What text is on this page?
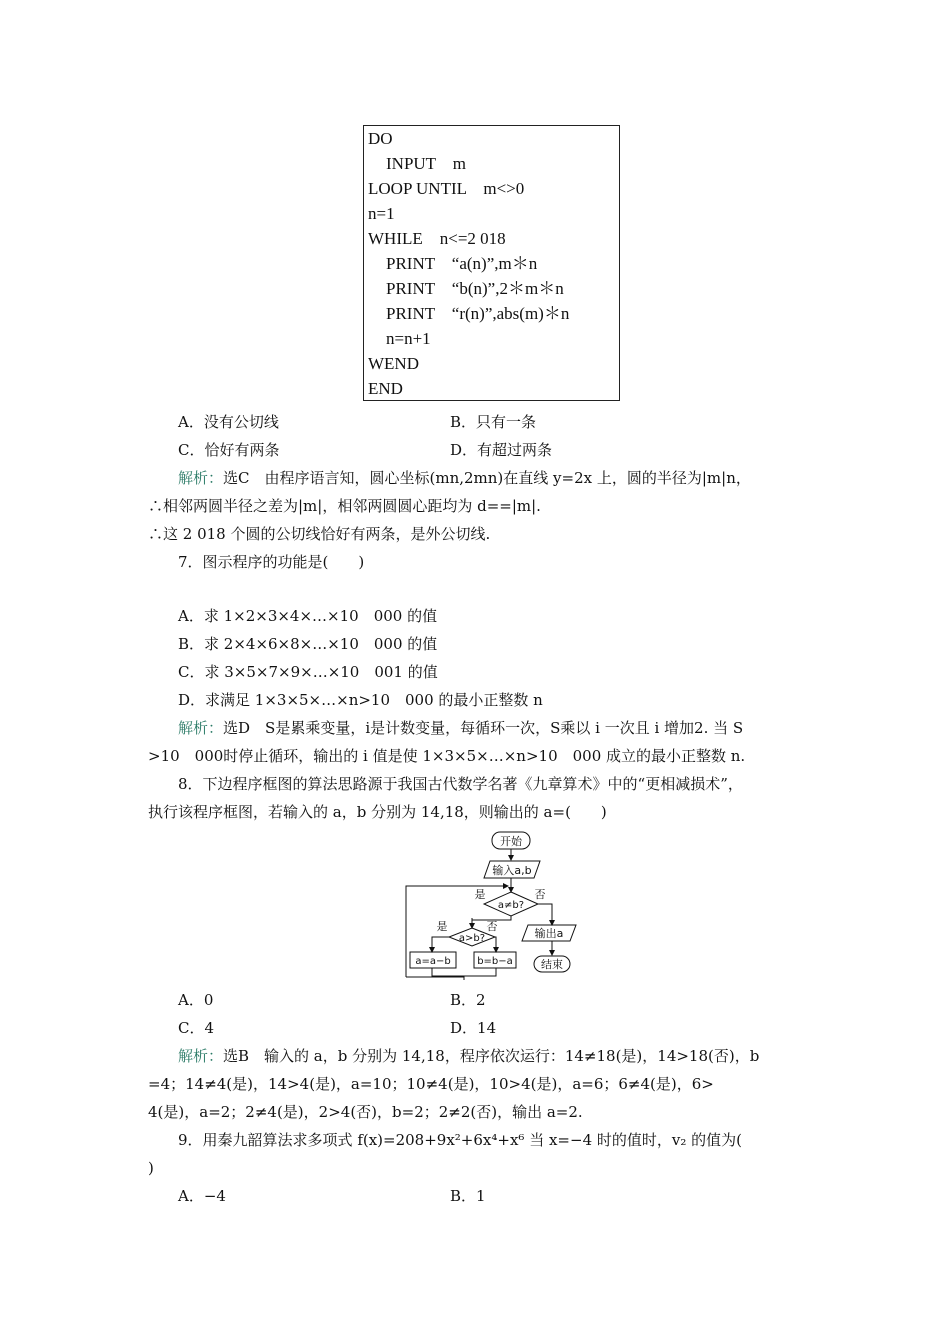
DO
INPUT　m
LOOP UNTIL　m<>0
n=1
WHILE　n<=2 018
PRINT　“a(n)”,m＊n
PRINT　“b(n)”,2＊m＊n
PRINT　“r(n)”,abs(m)＊n
n=n+1
WEND
END
A．没有公切线	B．只有一条
C．恰好有两条	D．有超过两条
解析：选C　由程序语言知，圆心坐标(mn,2mn)在直线 y=2x 上，圆的半径为|m|n，
∴相邻两圆半径之差为|m|，相邻两圆圆心距均为 d==|m|.
∴这 2 018 个圆的公切线恰好有两条，是外公切线.
7．图示程序的功能是(　　)
A．求 1×2×3×4×…×10　000 的值
B．求 2×4×6×8×…×10　000 的值
C．求 3×5×7×9×…×10　001 的值
D．求满足 1×3×5×…×n>10　000 的最小正整数 n
解析：选D　S是累乘变量，i是计数变量，每循环一次，S乘以 i 一次且 i 增加2. 当 S
>10　000时停止循环，输出的 i 值是使 1×3×5×…×n>10　000 成立的最小正整数 n.
8．下边程序框图的算法思路源于我国古代数学名著《九章算术》中的“更相减损术”，
执行该程序框图，若输入的 a，b 分别为 14,18，则输出的 a=(　　)
开始
输入a,b
a≠b?
是	否
a>b?
是	否
a=a−b	b=b−a
输出a
结束
A．0	B．2
C．4	D．14
解析：选B　输入的 a，b 分别为 14,18，程序依次运行：14≠18(是)，14>18(否)，b
=4；14≠4(是)，14>4(是)，a=10；10≠4(是)，10>4(是)，a=6；6≠4(是)，6>
4(是)，a=2；2≠4(是)，2>4(否)，b=2；2≠2(否)，输出 a=2.
9．用秦九韶算法求多项式 f(x)=208+9x²+6x⁴+x⁶ 当 x=−4 时的值时，v₂ 的值为(
)
A．−4	B．1
